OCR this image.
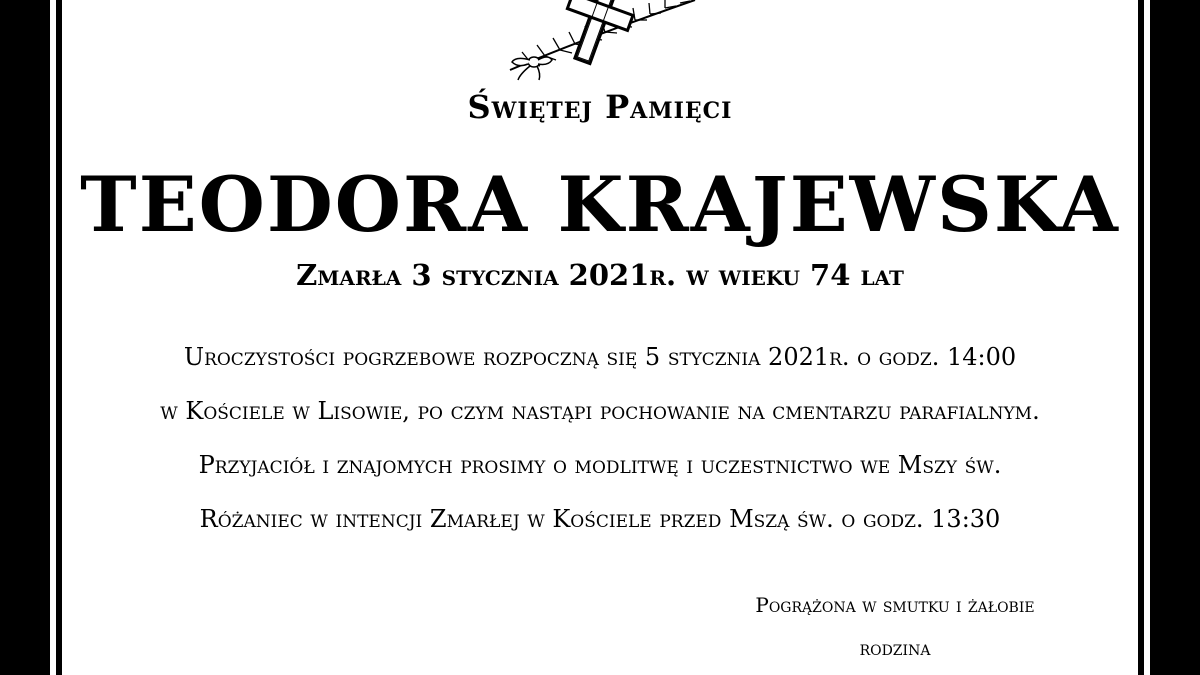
Świętej Pamięci
TEODORA KRAJEWSKA
Zmarła 3 stycznia 2021r. w wieku 74 lat
Uroczystości pogrzebowe rozpoczną się 5 stycznia 2021r. o godz. 14:00
w Kościele w Lisowie, po czym nastąpi pochowanie na cmentarzu parafialnym.
Przyjaciół i znajomych prosimy o modlitwę i uczestnictwo we Mszy św.
Różaniec w intencji Zmarłej w Kościele przed Mszą św. o godz. 13:30
Pogrążona w smutku i żałobie
rodzina
